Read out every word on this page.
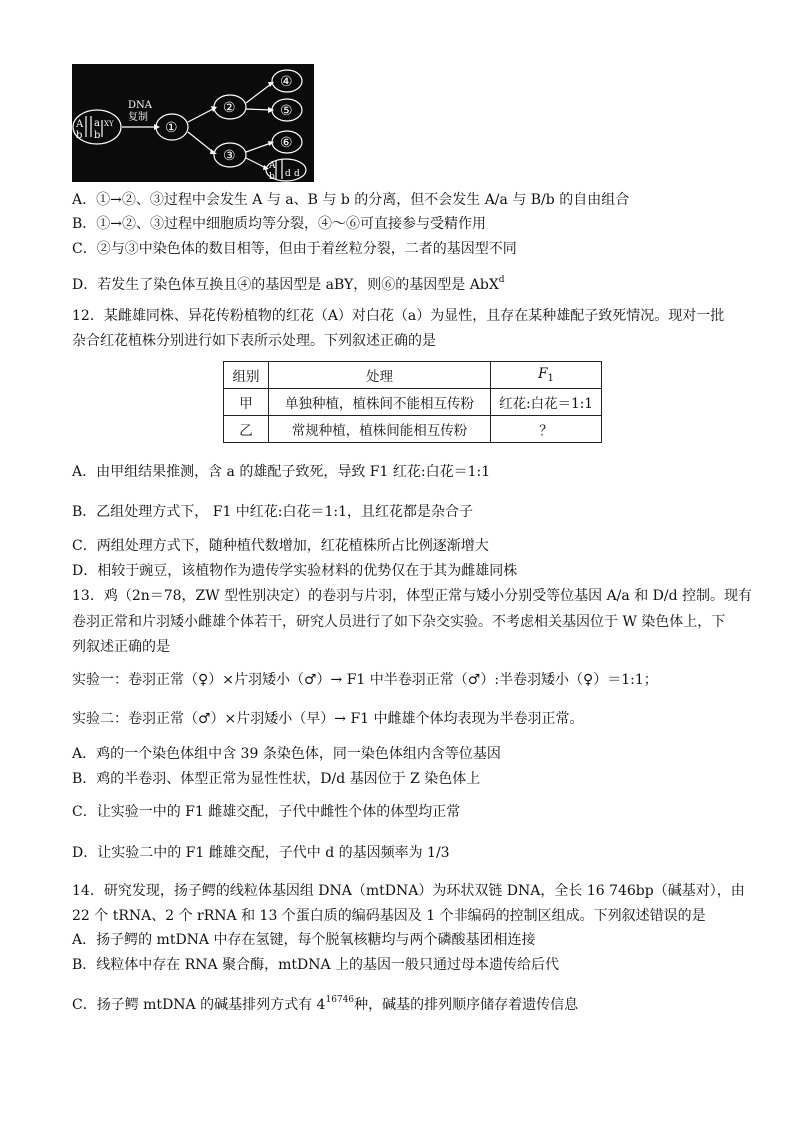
DNA
复制
A a XY
b b	①
②
③
④
⑤
⑥
A
b d d
A．①→②、③过程中会发生 A 与 a、B 与 b 的分离，但不会发生 A/a 与 B/b 的自由组合
B．①→②、③过程中细胞质均等分裂，④～⑥可直接参与受精作用
C．②与③中染色体的数目相等，但由于着丝粒分裂，二者的基因型不同
D．若发生了染色体互换且④的基因型是 aBY，则⑥的基因型是 AbX$^d$
12．某雌雄同株、异花传粉植物的红花（A）对白花（a）为显性，且存在某种雄配子致死情况。现对一批
杂合红花植株分别进行如下表所示处理。下列叙述正确的是
组别	处理	$F_1$
甲	单独种植，植株间不能相互传粉	红花:白花＝1:1
乙	常规种植，植株间能相互传粉	？
A．由甲组结果推测，含 a 的雄配子致死，导致 F1 红花:白花＝1:1
B．乙组处理方式下， F1 中红花:白花＝1:1，且红花都是杂合子
C．两组处理方式下，随种植代数增加，红花植株所占比例逐渐增大
D．相较于豌豆，该植物作为遗传学实验材料的优势仅在于其为雌雄同株
13．鸡（2n＝78，ZW 型性别决定）的卷羽与片羽，体型正常与矮小分别受等位基因 A/a 和 D/d 控制。现有
卷羽正常和片羽矮小雌雄个体若干，研究人员进行了如下杂交实验。不考虑相关基因位于 W 染色体上，下
列叙述正确的是
实验一：卷羽正常（♀）×片羽矮小（♂）→ F1 中半卷羽正常（♂）:半卷羽矮小（♀）＝1:1；
实验二：卷羽正常（♂）×片羽矮小（早）→ F1 中雌雄个体均表现为半卷羽正常。
A．鸡的一个染色体组中含 39 条染色体，同一染色体组内含等位基因
B．鸡的半卷羽、体型正常为显性性状，D/d 基因位于 Z 染色体上
C．让实验一中的 F1 雌雄交配，子代中雌性个体的体型均正常
D．让实验二中的 F1 雌雄交配，子代中 d 的基因频率为 1/3
14．研究发现，扬子鳄的线粒体基因组 DNA（mtDNA）为环状双链 DNA，全长 16 746bp（碱基对），由
22 个 tRNA、2 个 rRNA 和 13 个蛋白质的编码基因及 1 个非编码的控制区组成。下列叙述错误的是
A．扬子鳄的 mtDNA 中存在氢键，每个脱氧核糖均与两个磷酸基团相连接
B．线粒体中存在 RNA 聚合酶，mtDNA 上的基因一般只通过母本遗传给后代
C．扬子鳄 mtDNA 的碱基排列方式有 $4^{16746}$种，碱基的排列顺序储存着遗传信息
